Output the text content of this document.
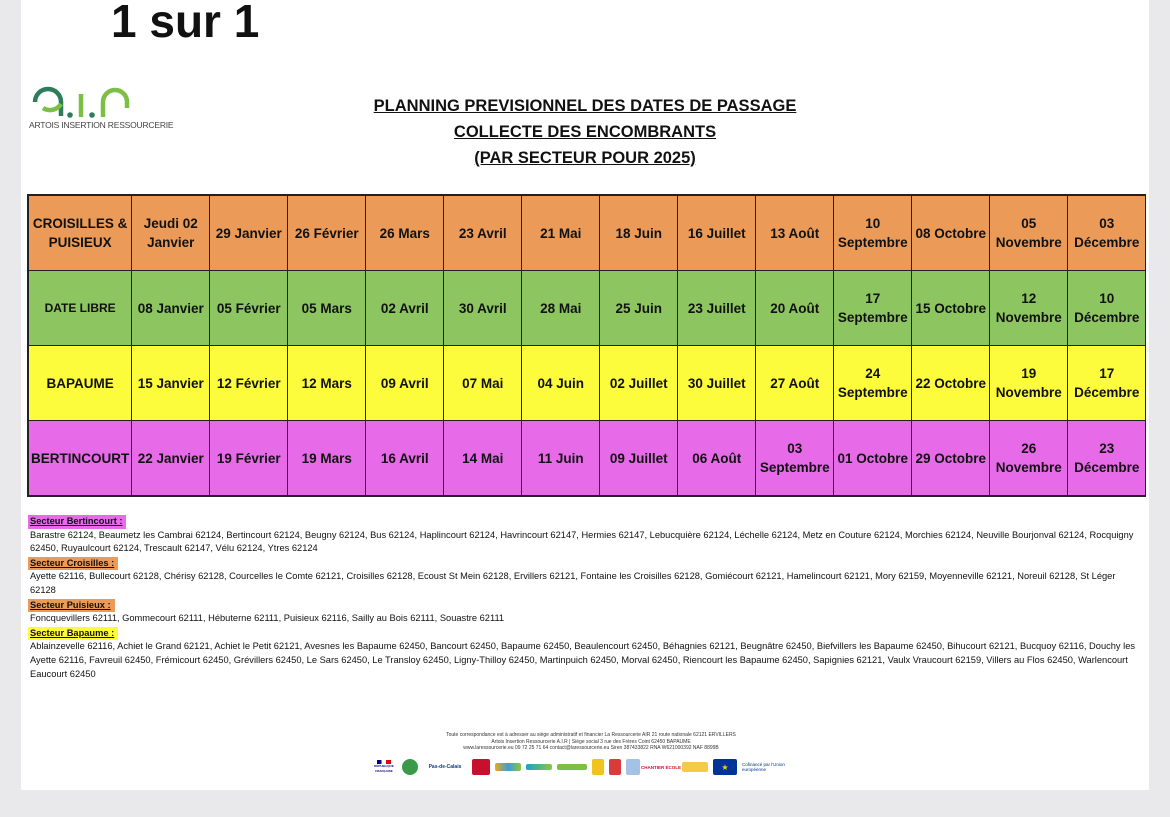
1 sur 1
ARTOIS INSERTION RESSOURCERIE
PLANNING PREVISIONNEL DES DATES DE PASSAGE
COLLECTE DES ENCOMBRANTS
(PAR SECTEUR POUR 2025)
CROISILLES & PUISIEUX	Jeudi 02 Janvier	29 Janvier	26 Février	26 Mars	23 Avril	21 Mai	18 Juin	16 Juillet	13 Août	10 Septembre	08 Octobre	05 Novembre	03 Décembre
DATE LIBRE	08 Janvier	05 Février	05 Mars	02 Avril	30 Avril	28 Mai	25 Juin	23 Juillet	20 Août	17 Septembre	15 Octobre	12 Novembre	10 Décembre
BAPAUME	15 Janvier	12 Février	12 Mars	09 Avril	07 Mai	04 Juin	02 Juillet	30 Juillet	27 Août	24 Septembre	22 Octobre	19 Novembre	17 Décembre
BERTINCOURT	22 Janvier	19 Février	19 Mars	16 Avril	14 Mai	11 Juin	09 Juillet	06 Août	03 Septembre	01 Octobre	29 Octobre	26 Novembre	23 Décembre
Secteur Bertincourt :
Barastre 62124, Beaumetz les Cambrai 62124, Bertincourt 62124, Beugny 62124, Bus 62124, Haplincourt 62124, Havrincourt 62147, Hermies 62147, Lebucquière 62124, Léchelle 62124, Metz en Couture 62124, Morchies 62124, Neuville Bourjonval 62124, Rocquigny 62450, Ruyaulcourt 62124, Trescault 62147, Vélu 62124, Ytres 62124
Secteur Croisilles :
Ayette 62116, Bullecourt 62128, Chérisy 62128, Courcelles le Comte 62121, Croisilles 62128, Ecoust St Mein 62128, Ervillers 62121, Fontaine les Croisilles 62128, Gomiécourt 62121, Hamelincourt 62121, Mory 62159, Moyenneville 62121, Noreuil 62128, St Léger 62128
Secteur Puisieux :
Foncquevillers 62111, Gommecourt 62111, Hébuterne 62111, Puisieux 62116, Sailly au Bois 62111, Souastre 62111
Secteur Bapaume :
Ablainzevelle 62116, Achiet le Grand 62121, Achiet le Petit 62121, Avesnes les Bapaume 62450, Bancourt 62450, Bapaume 62450, Beaulencourt 62450, Béhagnies 62121, Beugnâtre 62450, Biefvillers les Bapaume 62450, Bihucourt 62121, Bucquoy 62116, Douchy les Ayette 62116, Favreuil 62450, Frémicourt 62450, Grévillers 62450, Le Sars 62450, Le Transloy 62450, Ligny-Thilloy 62450, Martinpuich 62450, Morval 62450, Riencourt les Bapaume 62450, Sapignies 62121, Vaulx Vraucourt 62159, Villers au Flos 62450, Warlencourt Eaucourt 62450
Toute correspondance est à adresser au siège administratif et financier La Ressourcerie AIR 21 route nationale 62121 ERVILLERS
Artois Insertion Ressourcerie A.I.R | Siège social 3 rue des Frères Coint 62450 BAPAUME
www.laressourcerie.eu 09 72 25 71 64 contact@laressourcerie.eu Siren 387433822 RNA W621000392 NAF 8899B
RÉPUBLIQUE FRANÇAISE
Pas-de-Calais	CHANTIER ÉCOLE	★	Cofinancé par l'Union européenne
